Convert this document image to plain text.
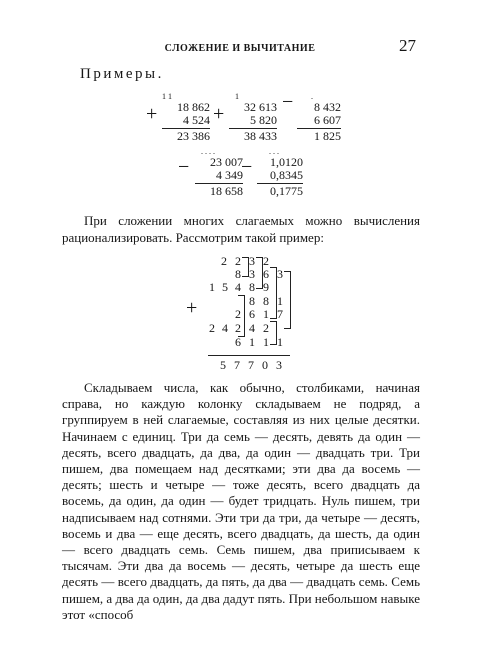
СЛОЖЕНИЕ И ВЫЧИТАНИЕ	27
Примеры.
+
1 1
18 862
4 524
23 386
+
1
32 613
5 820
38 433
−	.
8 432
6 607
1 825
−
. . . .
23 007
4 349
18 658
−
. . .
1,0120
0,8345
0,1775
При сложении многих слагаемых можно вычисления рационализировать. Рассмотрим такой пример:
+
2 2 3 2
8 3 6 3
1 5 4 8 9
8 8 1
2 6 1 7
2 4 2 4 2
6 1 1 1
5 7 7 0 3
Складываем числа, как обычно, столбиками, начиная справа, но каждую колонку складываем не подряд, а группируем в ней слагаемые, составляя из них целые десятки. Начинаем с единиц. Три да семь — десять, девять да один — десять, всего двадцать, да два, да один — двадцать три. Три пишем, два помещаем над десятками; эти два да восемь — десять; шесть и четыре — тоже десять, всего двадцать да восемь, да один, да один — будет тридцать. Нуль пишем, три надписываем над сотнями. Эти три да три, да четыре — десять, восемь и два — еще десять, всего двадцать, да шесть, да один — всего двадцать семь. Семь пишем, два приписываем к тысячам. Эти два да восемь — десять, четыре да шесть еще десять — всего двадцать, да пять, да два — двадцать семь. Семь пишем, а два да один, да два дадут пять. При небольшом навыке этот «способ
